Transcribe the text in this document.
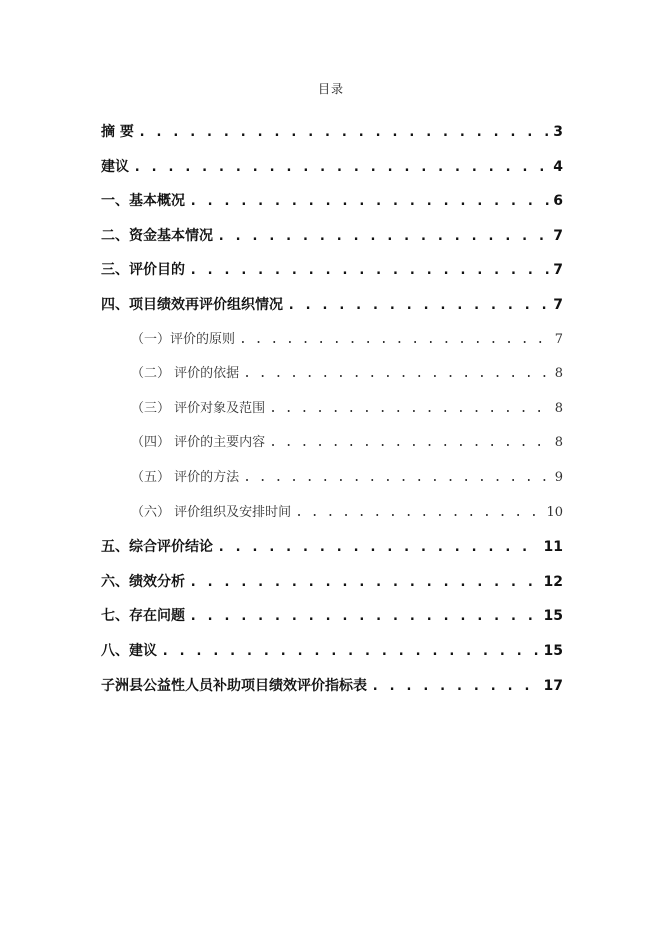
目录
摘 要 . . .	3
建议 . . .	4
一、基本概况 . . .	6
二、资金基本情况 . . .	7
三、评价目的 . . .	7
四、项目绩效再评价组织情况 . . .	7
（一）评价的原则 . . .	7
（二） 评价的依据 . . .	8
（三） 评价对象及范围 . . .	8
（四） 评价的主要内容 . . .	8
（五） 评价的方法 . . .	9
（六） 评价组织及安排时间 . . .	10
五、综合评价结论 . . .	11
六、绩效分析 . . .	12
七、存在问题 . . .	15
八、建议 . . .	15
子洲县公益性人员补助项目绩效评价指标表 . . .	17
